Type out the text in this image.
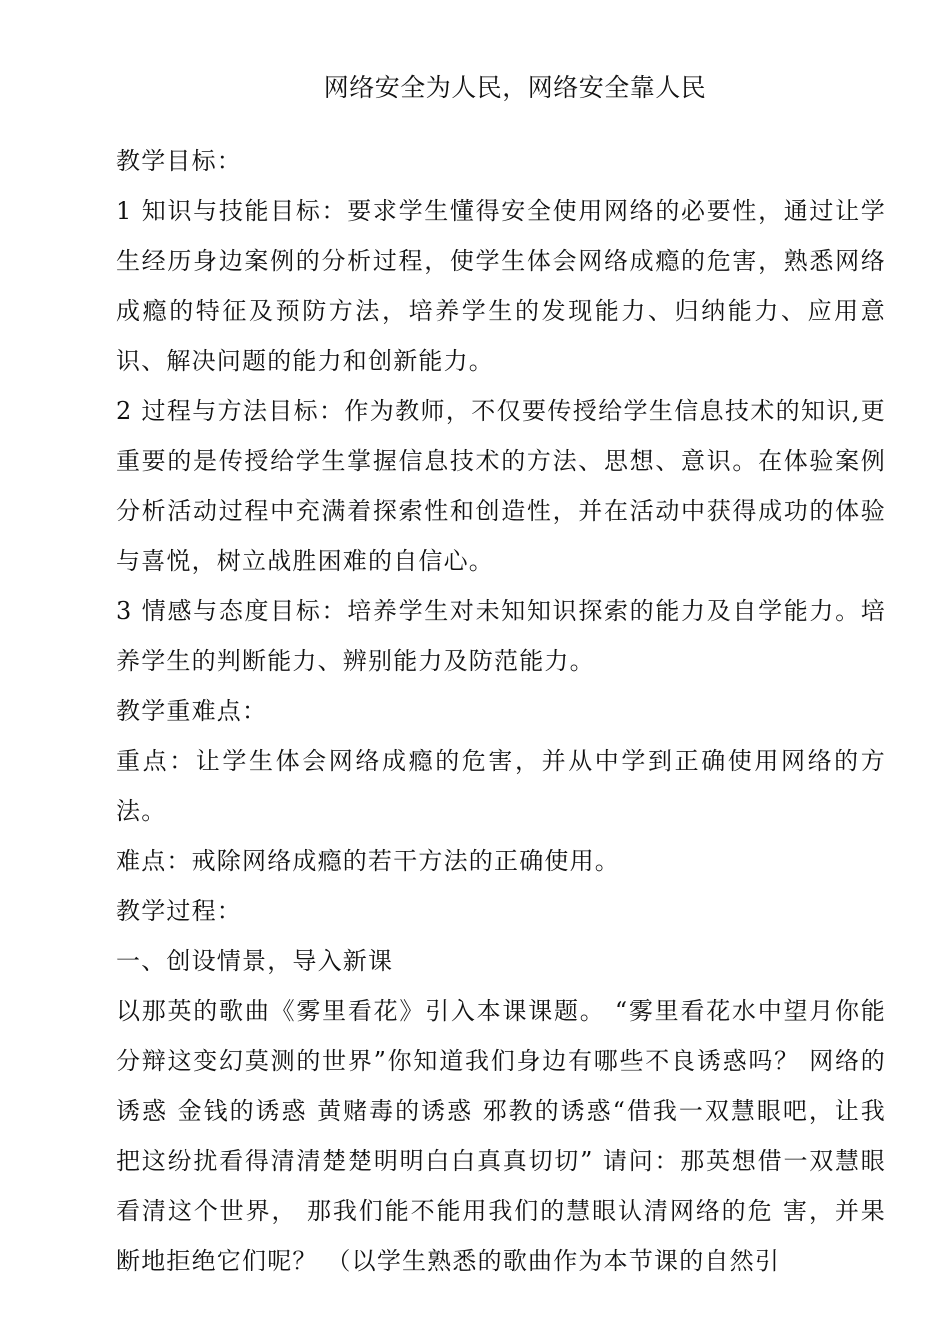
网络安全为人民，网络安全靠人民

教学目标：

1 知识与技能目标：要求学生懂得安全使用网络的必要性，通过让学生经历身边案例的分析过程，使学生体会网络成瘾的危害，熟悉网络成瘾的特征及预防方法，培养学生的发现能力、归纳能力、应用意识、解决问题的能力和创新能力。

2 过程与方法目标：作为教师，不仅要传授给学生信息技术的知识,更重要的是传授给学生掌握信息技术的方法、思想、意识。在体验案例分析活动过程中充满着探索性和创造性，并在活动中获得成功的体验与喜悦，树立战胜困难的自信心。

3 情感与态度目标：培养学生对未知知识探索的能力及自学能力。培养学生的判断能力、辨别能力及防范能力。

教学重难点：

重点：让学生体会网络成瘾的危害，并从中学到正确使用网络的方法。

难点：戒除网络成瘾的若干方法的正确使用。

教学过程：

一、创设情景，导入新课

以那英的歌曲《雾里看花》引入本课课题。 “雾里看花水中望月你能分辩这变幻莫测的世界”你知道我们身边有哪些不良诱惑吗？ 网络的诱惑 金钱的诱惑 黄赌毒的诱惑 邪教的诱惑“借我一双慧眼吧，让我把这纷扰看得清清楚楚明明白白真真切切” 请问：那英想借一双慧眼看清这个世界， 那我们能不能用我们的慧眼认清网络的危 害，并果断地拒绝它们呢？ （以学生熟悉的歌曲作为本节课的自然引
